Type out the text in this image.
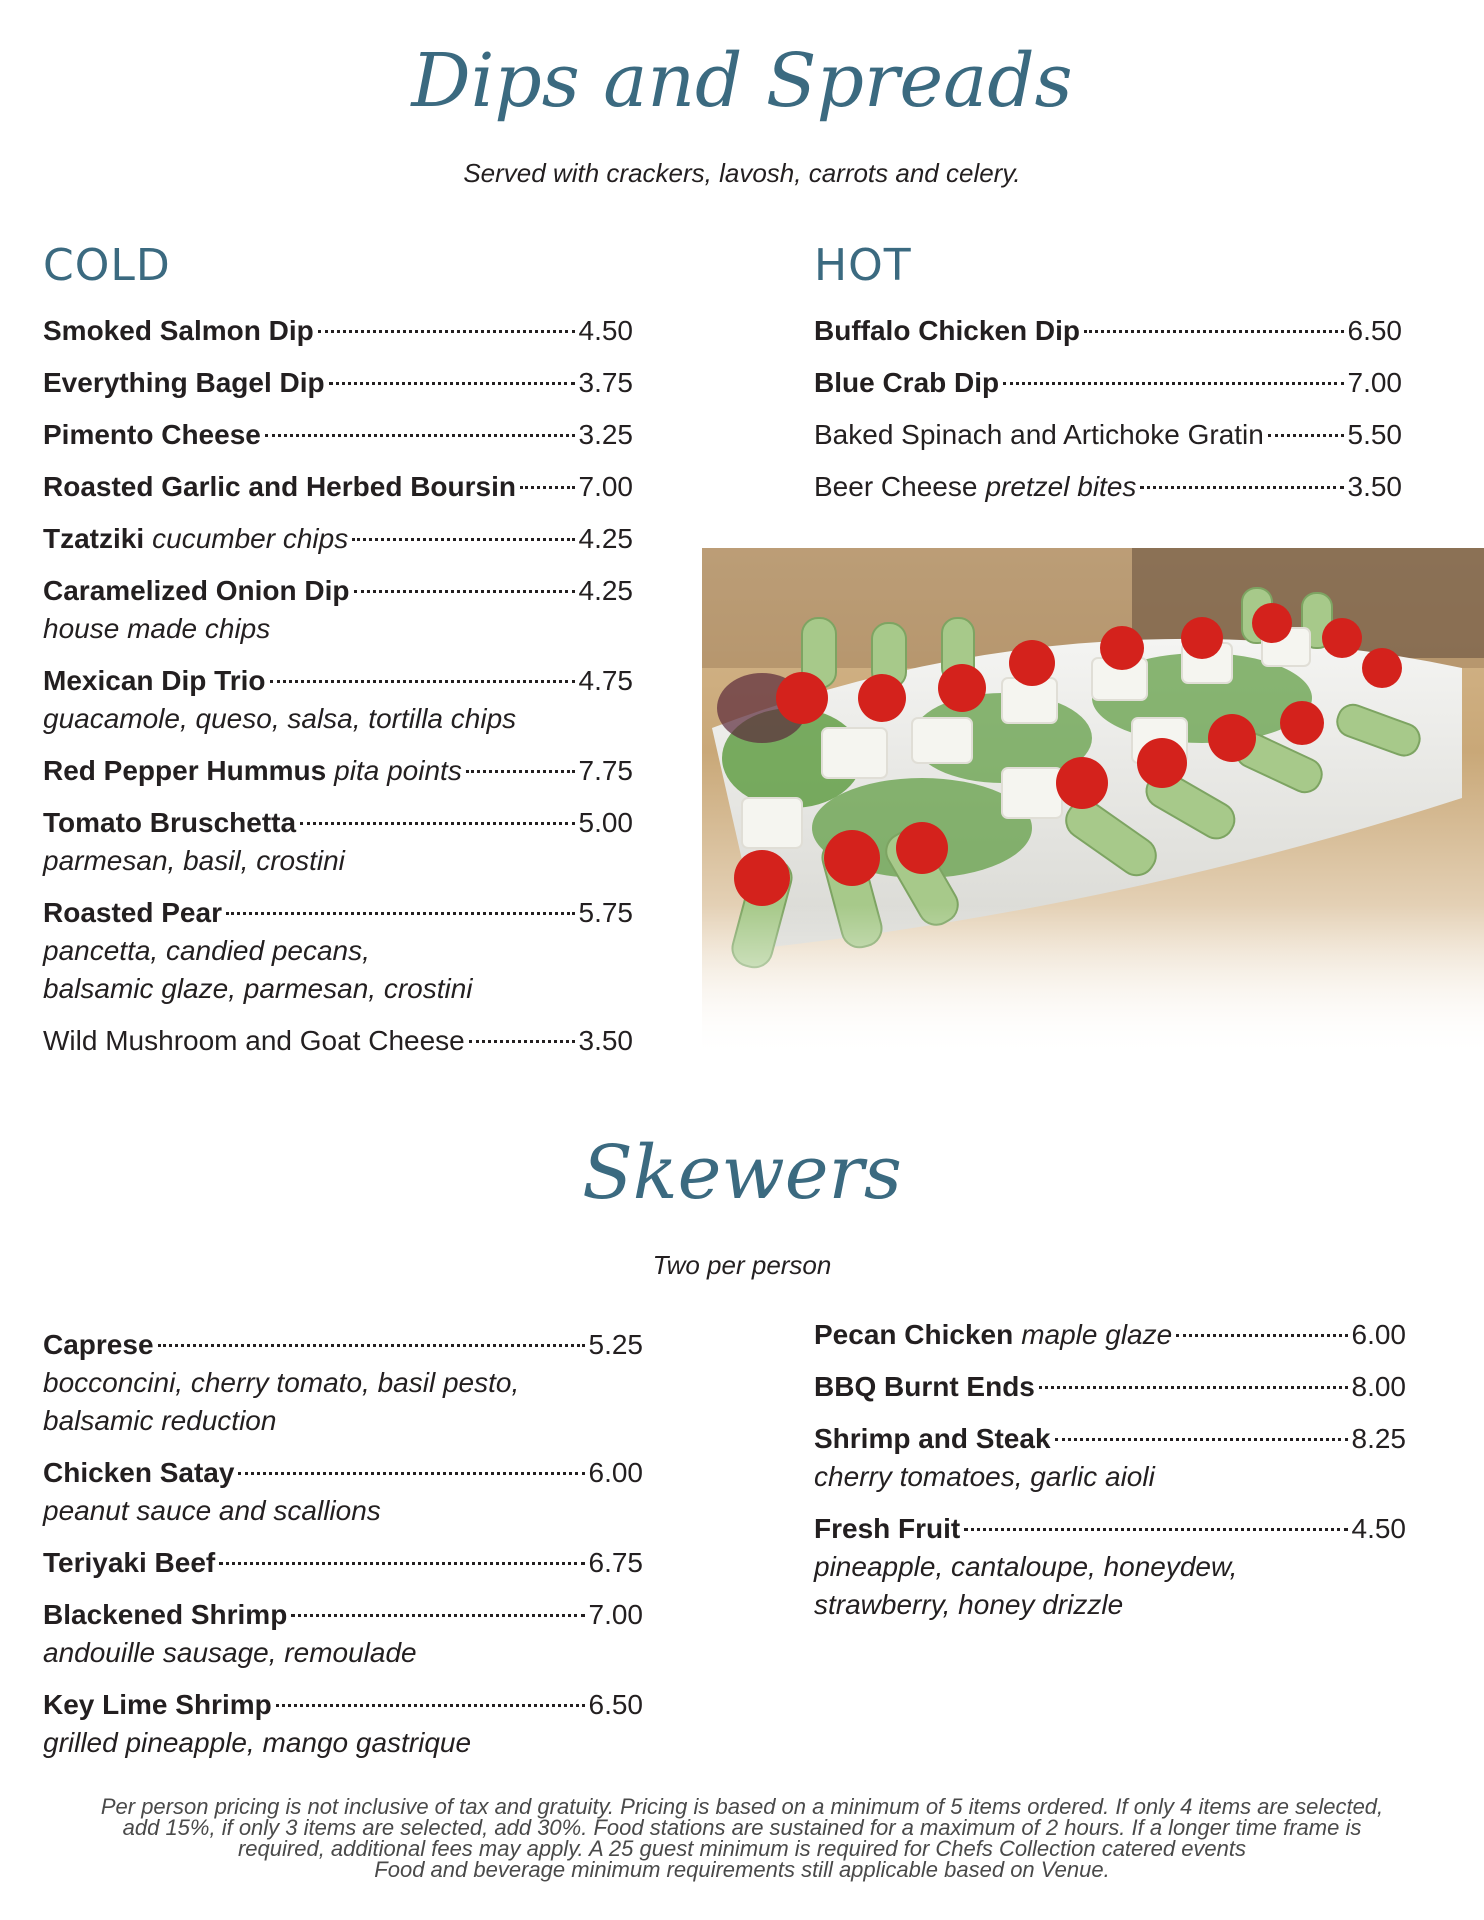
Dips and Spreads
Served with crackers, lavosh, carrots and celery.
COLD	HOT
Smoked Salmon Dip	4.50
Everything Bagel Dip	3.75
Pimento Cheese	3.25
Roasted Garlic and Herbed Boursin 7.00
Tzatziki cucumber chips	4.25
Caramelized Onion Dip	4.25
house made chips
Mexican Dip Trio	4.75
guacamole, queso, salsa, tortilla chips
Red Pepper Hummus pita points	7.75
Tomato Bruschetta	5.00
parmesan, basil, crostini
Roasted Pear	5.75
pancetta, candied pecans,
balsamic glaze, parmesan, crostini
Wild Mushroom and Goat Cheese	3.50
Buffalo Chicken Dip	6.50
Blue Crab Dip	7.00
Baked Spinach and Artichoke Gratin	5.50
Beer Cheese pretzel bites	3.50
Skewers
Two per person
Caprese	5.25
bocconcini, cherry tomato, basil pesto,
balsamic reduction
Chicken Satay	6.00
peanut sauce and scallions
Teriyaki Beef	6.75
Blackened Shrimp	7.00
andouille sausage, remoulade
Key Lime Shrimp	6.50
grilled pineapple, mango gastrique
Pecan Chicken maple glaze	6.00
BBQ Burnt Ends	8.00
Shrimp and Steak	8.25
cherry tomatoes, garlic aioli
Fresh Fruit	4.50
pineapple, cantaloupe, honeydew,
strawberry, honey drizzle
Per person pricing is not inclusive of tax and gratuity. Pricing is based on a minimum of 5 items ordered. If only 4 items are selected,
add 15%, if only 3 items are selected, add 30%. Food stations are sustained for a maximum of 2 hours. If a longer time frame is
required, additional fees may apply. A 25 guest minimum is required for Chefs Collection catered events
Food and beverage minimum requirements still applicable based on Venue.
